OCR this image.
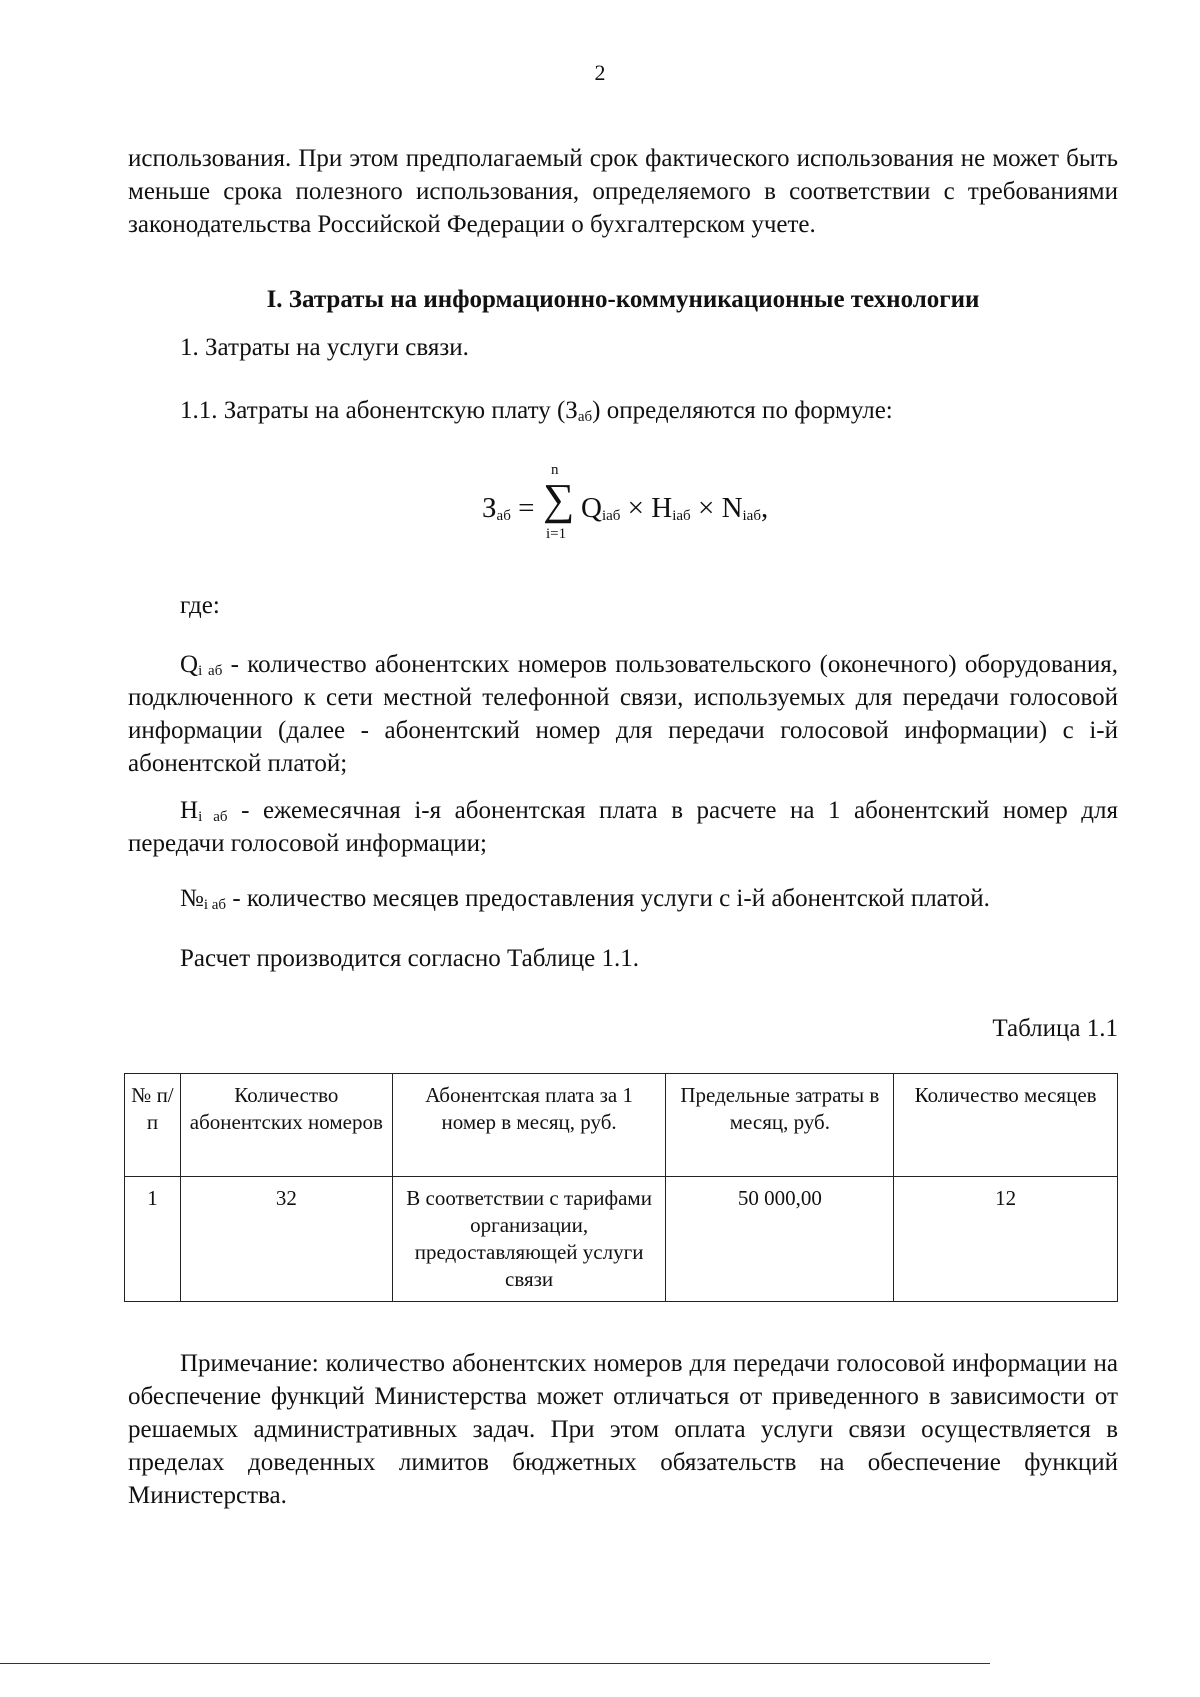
2

использования. При этом предполагаемый срок фактического использования не может быть меньше срока полезного использования, определяемого в соответствии с требованиями законодательства Российской Федерации о бухгалтерском учете.

I. Затраты на информационно-коммуникационные технологии
1. Затраты на услуги связи.
1.1. Затраты на абонентскую плату $(З_{аб})$ определяются по формуле:
$З_{аб}$ =
n
∑
i=1
$Q_{iаб} \times H_{iаб} \times N_{iаб}$,
где:

$Q_{i аб}$ - количество абонентских номеров пользовательского (оконечного) оборудования, подключенного к сети местной телефонной связи, используемых для передачи голосовой информации (далее - абонентский номер для передачи голосовой информации) с i-й абонентской платой;

$H_{i аб}$ - ежемесячная i-я абонентская плата в расчете на 1 абонентский номер для передачи голосовой информации;

$№_{i аб}$ - количество месяцев предоставления услуги с i-й абонентской платой.
Расчет производится согласно Таблице 1.1.
Таблица 1.1
№ п/п	Количество абонентских номеров	Абонентская плата за 1 номер в месяц, руб.	Предельные затраты в месяц, руб.	Количество месяцев
1	32	В соответствии с тарифами организации, предоставляющей услуги связи	50 000,00	12

Примечание: количество абонентских номеров для передачи голосовой информации на обеспечение функций Министерства может отличаться от приведенного в зависимости от решаемых административных задач. При этом оплата услуги связи осуществляется в пределах доведенных лимитов бюджетных обязательств на обеспечение функций Министерства.
